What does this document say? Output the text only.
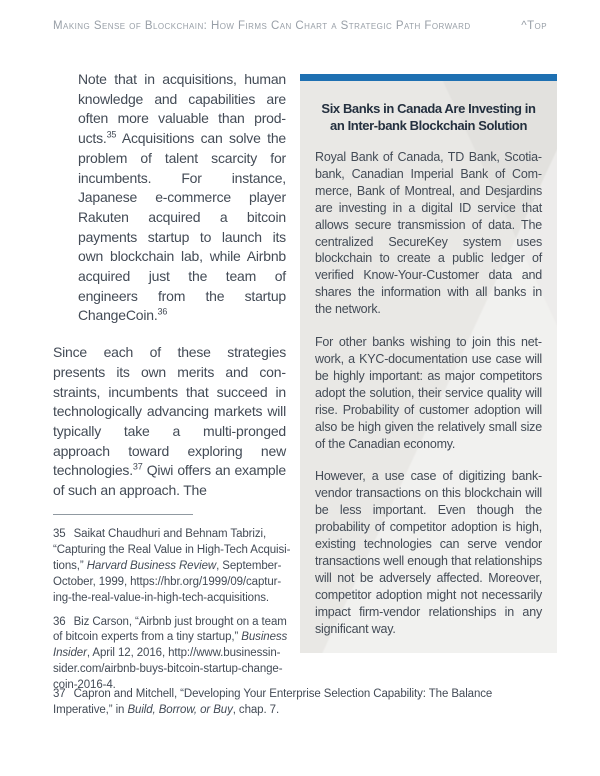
Making Sense of Blockchain: How Firms Can Chart a Strategic Path Forward	^Top
Note that in acquisitions, human knowledge and capabilities are often more valuable than products.$^{35}$ Acquisitions can solve the problem of talent scarcity for incumbents. For instance, Japanese e-commerce player Rakuten acquired a bitcoin payments startup to launch its own blockchain lab, while Airbnb acquired just the team of engineers from the startup ChangeCoin.$^{36}$
Since each of these strategies presents its own merits and constraints, incumbents that succeed in technologically advancing markets will typically take a multi-pronged approach toward exploring new technologies.$^{37}$ Qiwi offers an example of such an approach. The
Six Banks in Canada Are Investing in an Inter-bank Blockchain Solution

Royal Bank of Canada, TD Bank, Scotiabank, Canadian Imperial Bank of Commerce, Bank of Montreal, and Desjardins are investing in a digital ID service that allows secure transmission of data. The centralized SecureKey system uses blockchain to create a public ledger of verified Know-Your-Customer data and shares the information with all banks in the network.

For other banks wishing to join this network, a KYC-documentation use case will be highly important: as major competitors adopt the solution, their service quality will rise. Probability of customer adoption will also be high given the relatively small size of the Canadian economy.

However, a use case of digitizing bank-vendor transactions on this blockchain will be less important. Even though the probability of competitor adoption is high, existing technologies can serve vendor transactions well enough that relationships will not be adversely affected. Moreover, competitor adoption might not necessarily impact firm-vendor relationships in any significant way.

35 Saikat Chaudhuri and Behnam Tabrizi, “Capturing the Real Value in High-Tech Acquisitions,” Harvard Business Review, September-October, 1999, https://hbr.org/1999/09/capturing-the-real-value-in-high-tech-acquisitions.
36 Biz Carson, “Airbnb just brought on a team of bitcoin experts from a tiny startup,” Business Insider, April 12, 2016, http://www.businessinsider.com/airbnb-buys-bitcoin-startup-changecoin-2016-4.
37 Capron and Mitchell, “Developing Your Enterprise Selection Capability: The Balance Imperative,” in Build, Borrow, or Buy, chap. 7.
